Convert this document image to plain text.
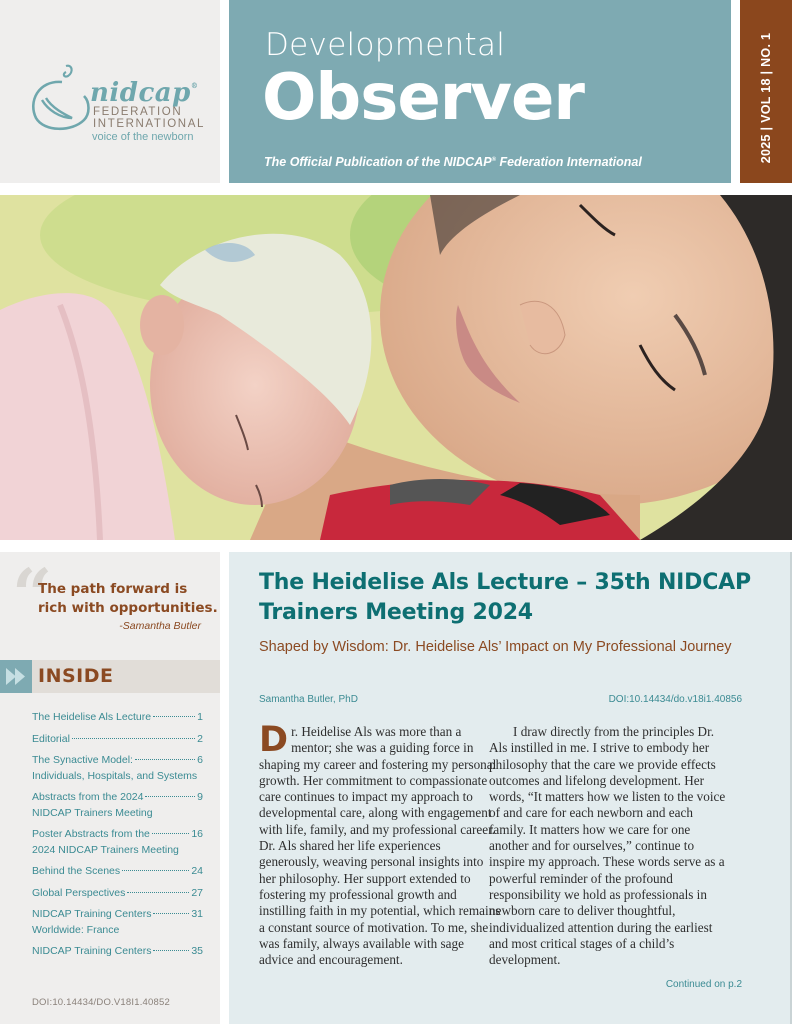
nidcap®
FEDERATION
INTERNATIONAL
voice of the newborn
Developmental
Observer
The Official Publication of the NIDCAP® Federation International	2025 | VOL 18 | NO. 1
“
The path forward is rich with opportunities.
-Samantha Butler
INSIDE
The Heidelise Als Lecture	1
Editorial	2
The Synactive Model:	6
Individuals, Hospitals, and Systems
Abstracts from the 2024	9
NIDCAP Trainers Meeting
Poster Abstracts from the	16
2024 NIDCAP Trainers Meeting
Behind the Scenes	24
Global Perspectives	27
NIDCAP Training Centers	31
Worldwide: France
NIDCAP Training Centers	35
DOI:10.14434/DO.V18I1.40852
The Heidelise Als Lecture – 35th NIDCAP Trainers Meeting 2024
Shaped by Wisdom: Dr. Heidelise Als’ Impact on My Professional Journey
Samantha Butler, PhD	DOI:10.14434/do.v18i1.40856
Dr. Heidelise Als was more than a mentor; she was a guiding force in shaping my career and fostering my personal growth. Her commitment to compassionate care continues to impact my approach to developmental care, along with engagement with life, family, and my professional career. Dr. Als shared her life experiences generously, weaving personal insights into her philosophy. Her support extended to fostering my professional growth and instilling faith in my potential, which remains a constant source of motivation. To me, she was family, always available with sage advice and encouragement.

I draw directly from the principles Dr. Als instilled in me. I strive to embody her philosophy that the care we provide effects outcomes and lifelong development. Her words, “It matters how we listen to the voice of and care for each newborn and each family. It matters how we care for one another and for ourselves,” continue to inspire my approach. These words serve as a powerful reminder of the profound responsibility we hold as professionals in newborn care to deliver thoughtful, individualized attention during the earliest and most critical stages of a child’s development.

Continued on p.2
